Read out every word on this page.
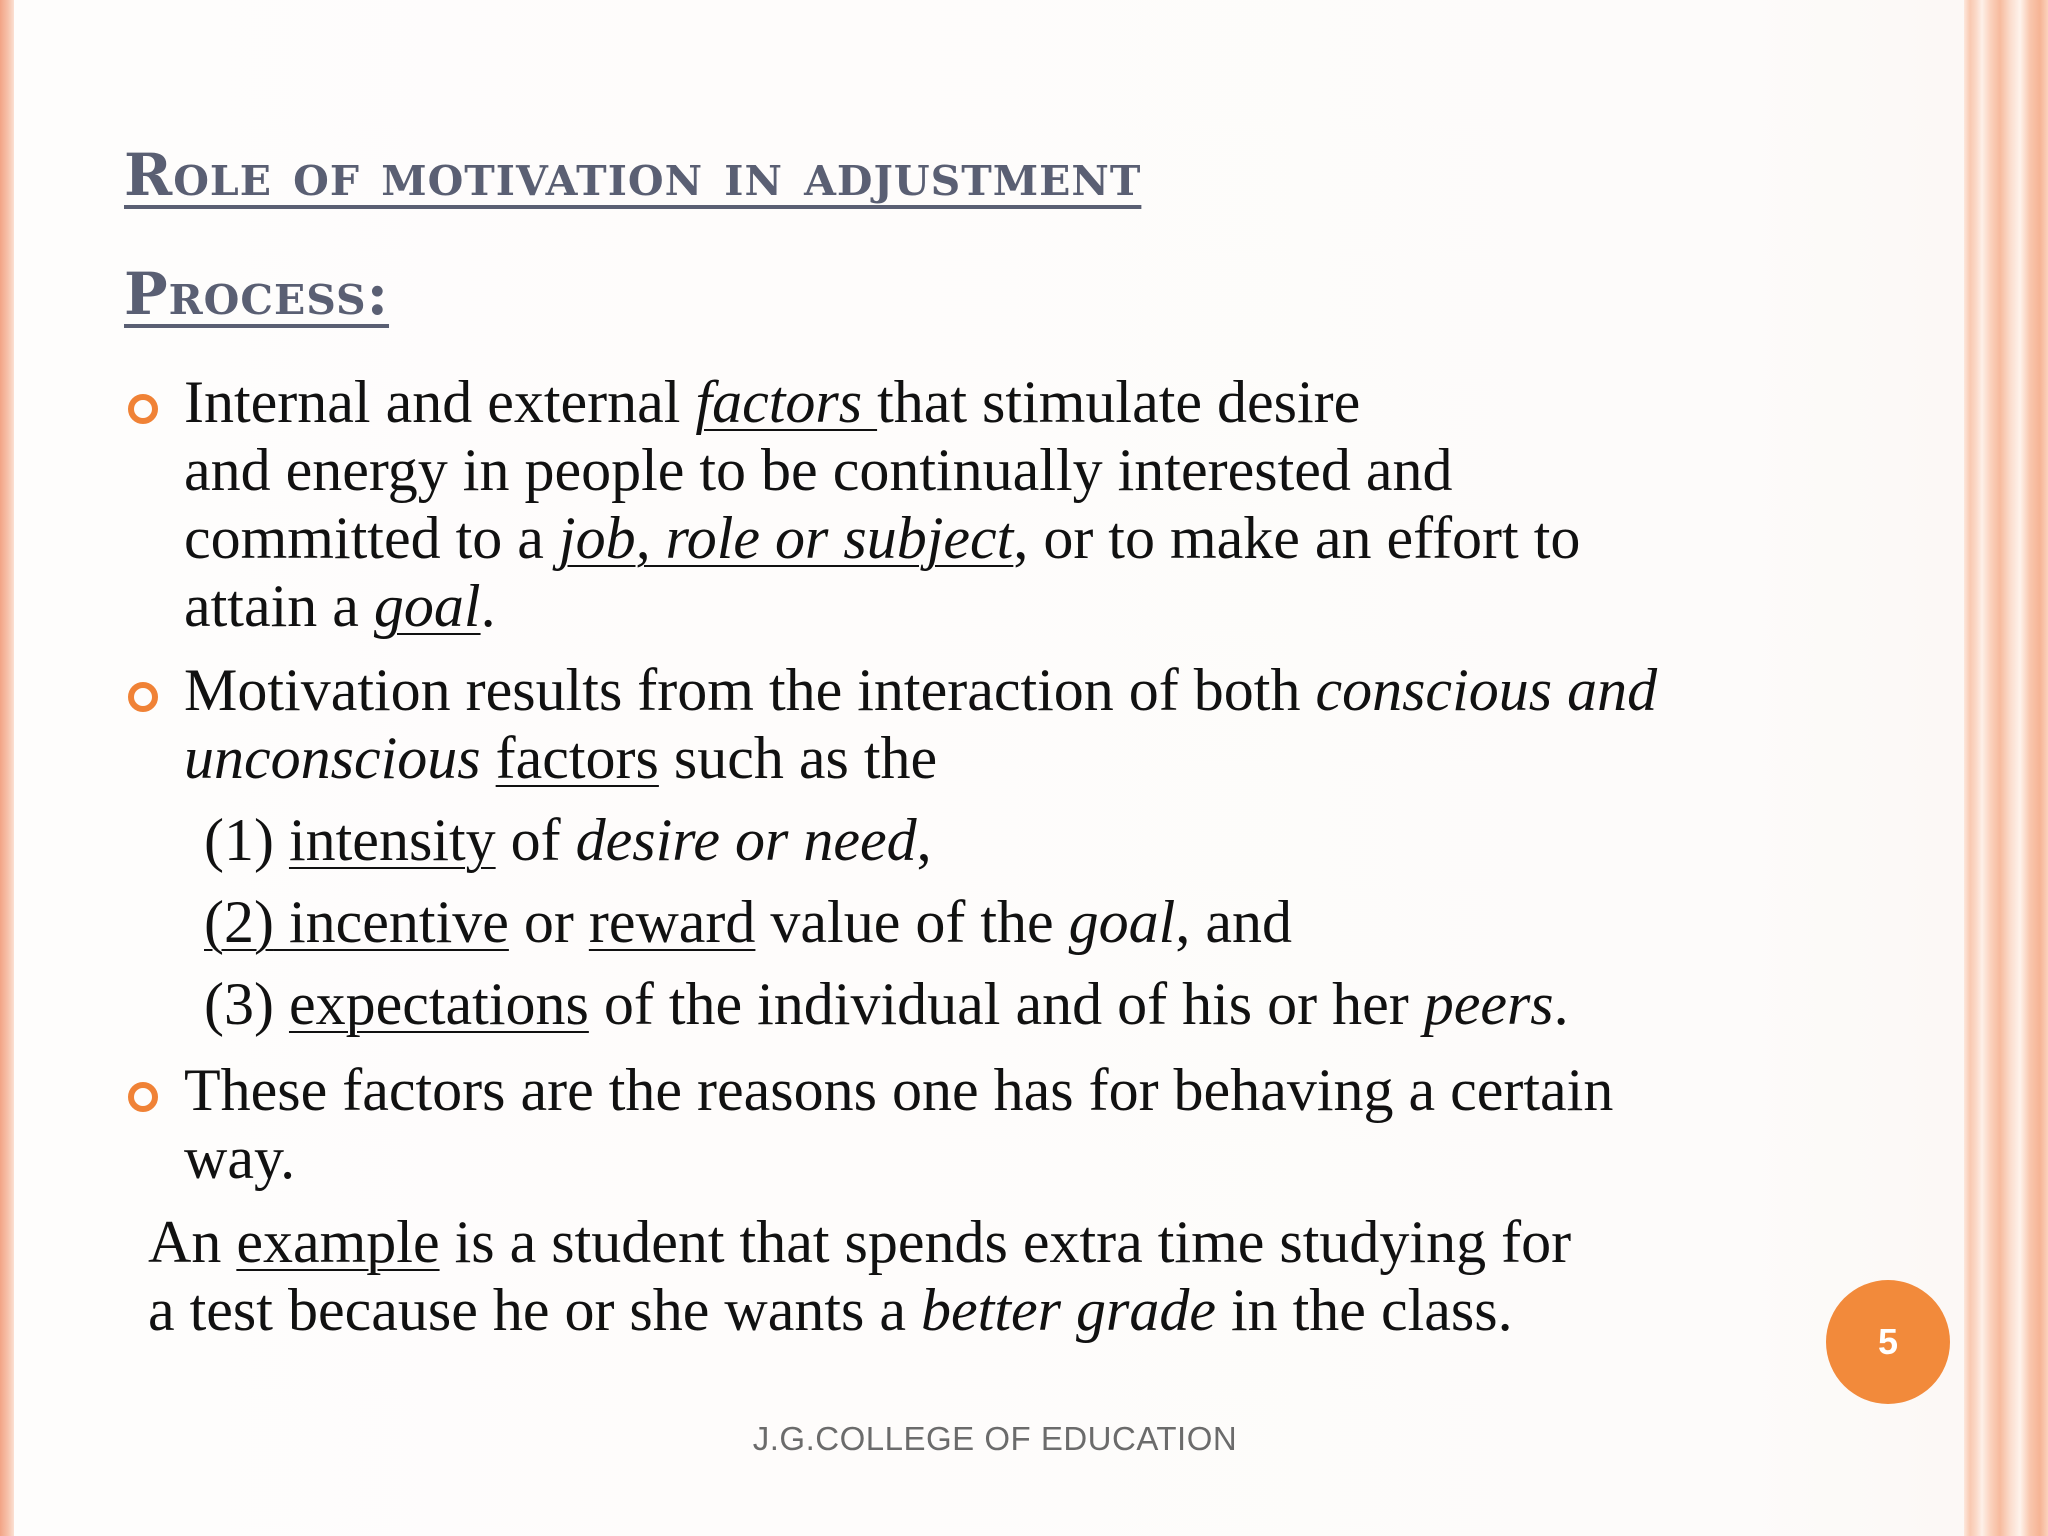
Role of motivation in adjustment
Process:

Internal and external factors that stimulate desire

and energy in people to be continually interested and

committed to a job, role or subject, or to make an effort to

attain a goal.

Motivation results from the interaction of both conscious and

unconscious factors such as the

(1) intensity of desire or need,

(2) incentive or reward value of the goal, and

(3) expectations of the individual and of his or her peers.

These factors are the reasons one has for behaving a certain

way.

An example is a student that spends extra time studying for

a test because he or she wants a better grade in the class.	5
J.G.COLLEGE OF EDUCATION
